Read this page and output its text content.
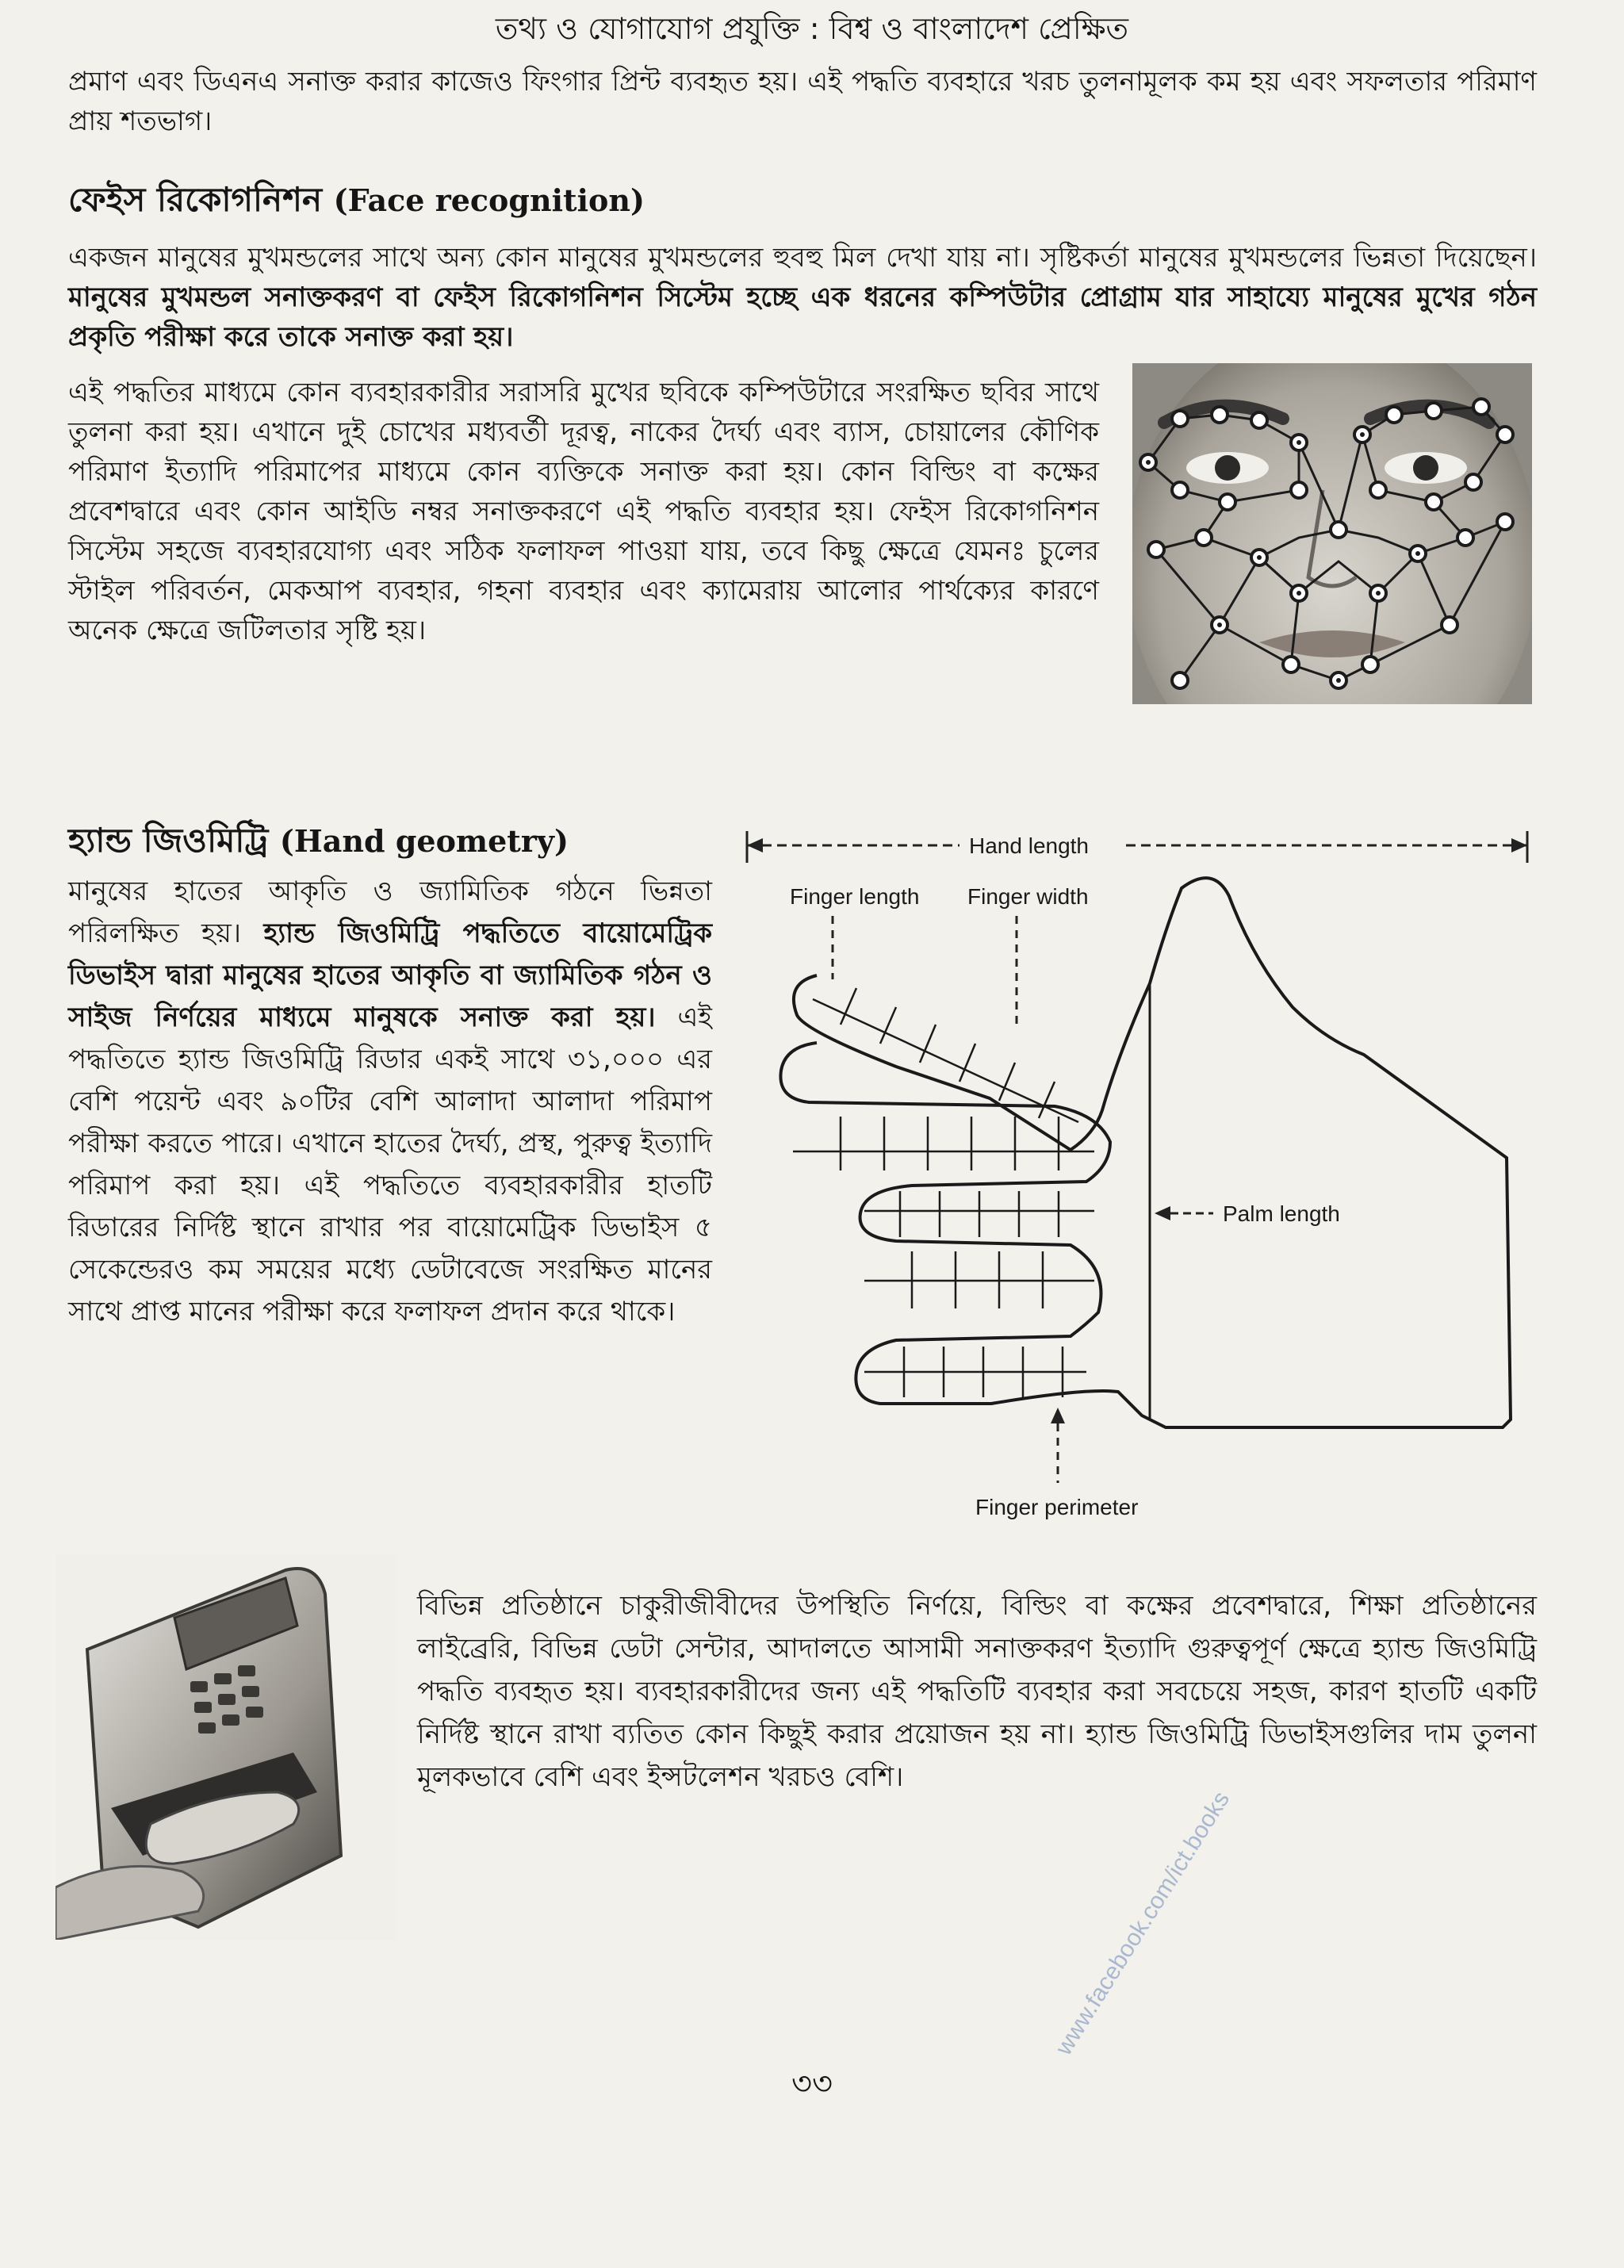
তথ্য ও যোগাযোগ প্রযুক্তি : বিশ্ব ও বাংলাদেশ প্রেক্ষিত
প্রমাণ এবং ডিএনএ সনাক্ত করার কাজেও ফিংগার প্রিন্ট ব্যবহৃত হয়। এই পদ্ধতি ব্যবহারে খরচ তুলনামূলক কম হয় এবং সফলতার পরিমাণ প্রায় শতভাগ।
ফেইস রিকোগনিশন (Face recognition)
একজন মানুষের মুখমন্ডলের সাথে অন্য কোন মানুষের মুখমন্ডলের হুবহু মিল দেখা যায় না। সৃষ্টিকর্তা মানুষের মুখমন্ডলের ভিন্নতা দিয়েছেন। মানুষের মুখমন্ডল সনাক্তকরণ বা ফেইস রিকোগনিশন সিস্টেম হচ্ছে এক ধরনের কম্পিউটার প্রোগ্রাম যার সাহায্যে মানুষের মুখের গঠন প্রকৃতি পরীক্ষা করে তাকে সনাক্ত করা হয়।
এই পদ্ধতির মাধ্যমে কোন ব্যবহারকারীর সরাসরি মুখের ছবিকে কম্পিউটারে সংরক্ষিত ছবির সাথে তুলনা করা হয়। এখানে দুই চোখের মধ্যবর্তী দূরত্ব, নাকের দৈর্ঘ্য এবং ব্যাস, চোয়ালের কৌণিক পরিমাণ ইত্যাদি পরিমাপের মাধ্যমে কোন ব্যক্তিকে সনাক্ত করা হয়। কোন বিল্ডিং বা কক্ষের প্রবেশদ্বারে এবং কোন আইডি নম্বর সনাক্তকরণে এই পদ্ধতি ব্যবহার হয়। ফেইস রিকোগনিশন সিস্টেম সহজে ব্যবহারযোগ্য এবং সঠিক ফলাফল পাওয়া যায়, তবে কিছু ক্ষেত্রে যেমনঃ চুলের স্টাইল পরিবর্তন, মেকআপ ব্যবহার, গহনা ব্যবহার এবং ক্যামেরায় আলোর পার্থক্যের কারণে অনেক ক্ষেত্রে জটিলতার সৃষ্টি হয়।
হ্যান্ড জিওমিট্রি (Hand geometry)
মানুষের হাতের আকৃতি ও জ্যামিতিক গঠনে ভিন্নতা পরিলক্ষিত হয়। হ্যান্ড জিওমিট্রি পদ্ধতিতে বায়োমেট্রিক ডিভাইস দ্বারা মানুষের হাতের আকৃতি বা জ্যামিতিক গঠন ও সাইজ নির্ণয়ের মাধ্যমে মানুষকে সনাক্ত করা হয়। এই পদ্ধতিতে হ্যান্ড জিওমিট্রি রিডার একই সাথে ৩১,০০০ এর বেশি পয়েন্ট এবং ৯০টির বেশি আলাদা আলাদা পরিমাপ পরীক্ষা করতে পারে। এখানে হাতের দৈর্ঘ্য, প্রস্থ, পুরুত্ব ইত্যাদি পরিমাপ করা হয়। এই পদ্ধতিতে ব্যবহারকারীর হাতটি রিডারের নির্দিষ্ট স্থানে রাখার পর বায়োমেট্রিক ডিভাইস ৫ সেকেন্ডেরও কম সময়ের মধ্যে ডেটাবেজে সংরক্ষিত মানের সাথে প্রাপ্ত মানের পরীক্ষা করে ফলাফল প্রদান করে থাকে।
Hand length
Finger length Finger width
Palm length
Finger perimeter
বিভিন্ন প্রতিষ্ঠানে চাকুরীজীবীদের উপস্থিতি নির্ণয়ে, বিল্ডিং বা কক্ষের প্রবেশদ্বারে, শিক্ষা প্রতিষ্ঠানের লাইব্রেরি, বিভিন্ন ডেটা সেন্টার, আদালতে আসামী সনাক্তকরণ ইত্যাদি গুরুত্বপূর্ণ ক্ষেত্রে হ্যান্ড জিওমিট্রি পদ্ধতি ব্যবহৃত হয়। ব্যবহারকারীদের জন্য এই পদ্ধতিটি ব্যবহার করা সবচেয়ে সহজ, কারণ হাতটি একটি নির্দিষ্ট স্থানে রাখা ব্যতিত কোন কিছুই করার প্রয়োজন হয় না। হ্যান্ড জিওমিট্রি ডিভাইসগুলির দাম তুলনা মূলকভাবে বেশি এবং ইন্সটলেশন খরচও বেশি।
www.facebook.com/ict.books
৩৩
